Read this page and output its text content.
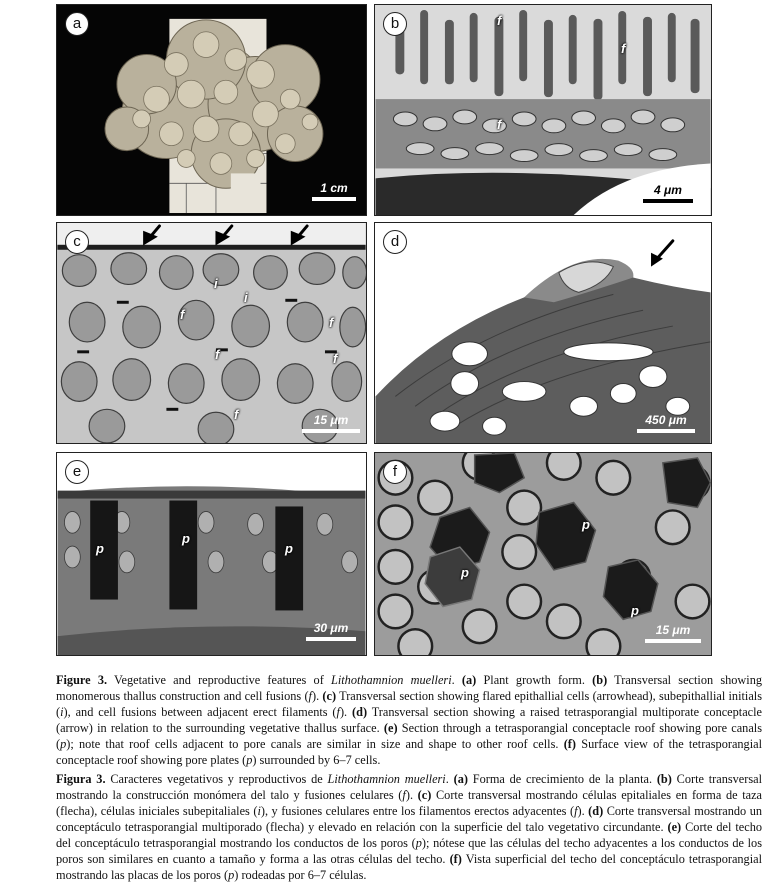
a
1 cm
b	f
f
f
4 μm
c
i
i
f
f
f	f
f	15 μm
d
450 μm
e
p
p
p
30 μm
f
p
p
p
15 μm

Figure 3. Vegetative and reproductive features of Lithothamnion muelleri. (a) Plant growth form. (b) Transversal section showing monomerous thallus construction and cell fusions (f). (c) Transversal section showing flared epithallial cells (arrowhead), subepithallial initials (i), and cell fusions between adjacent erect filaments (f). (d) Transversal section showing a raised tetrasporangial multiporate conceptacle (arrow) in relation to the surrounding vegetative thallus surface. (e) Section through a tetrasporangial conceptacle roof showing pore canals (p); note that roof cells adjacent to pore canals are similar in size and shape to other roof cells. (f) Surface view of the tetrasporangial conceptacle roof showing pore plates (p) surrounded by 6–7 cells.

Figura 3. Caracteres vegetativos y reproductivos de Lithothamnion muelleri. (a) Forma de crecimiento de la planta. (b) Corte transversal mostrando la construcción monómera del talo y fusiones celulares (f). (c) Corte transversal mostrando células epitaliales en forma de taza (flecha), células iniciales subepitaliales (i), y fusiones celulares entre los filamentos erectos adyacentes (f). (d) Corte transversal mostrando un conceptáculo tetrasporangial multiporado (flecha) y elevado en relación con la superficie del talo vegetativo circundante. (e) Corte del techo del conceptáculo tetrasporangial mostrando los conductos de los poros (p); nótese que las células del techo adyacentes a los conductos de los poros son similares en cuanto a tamaño y forma a las otras células del techo. (f) Vista superficial del techo del conceptáculo tetrasporangial mostrando las placas de los poros (p) rodeadas por 6–7 células.
